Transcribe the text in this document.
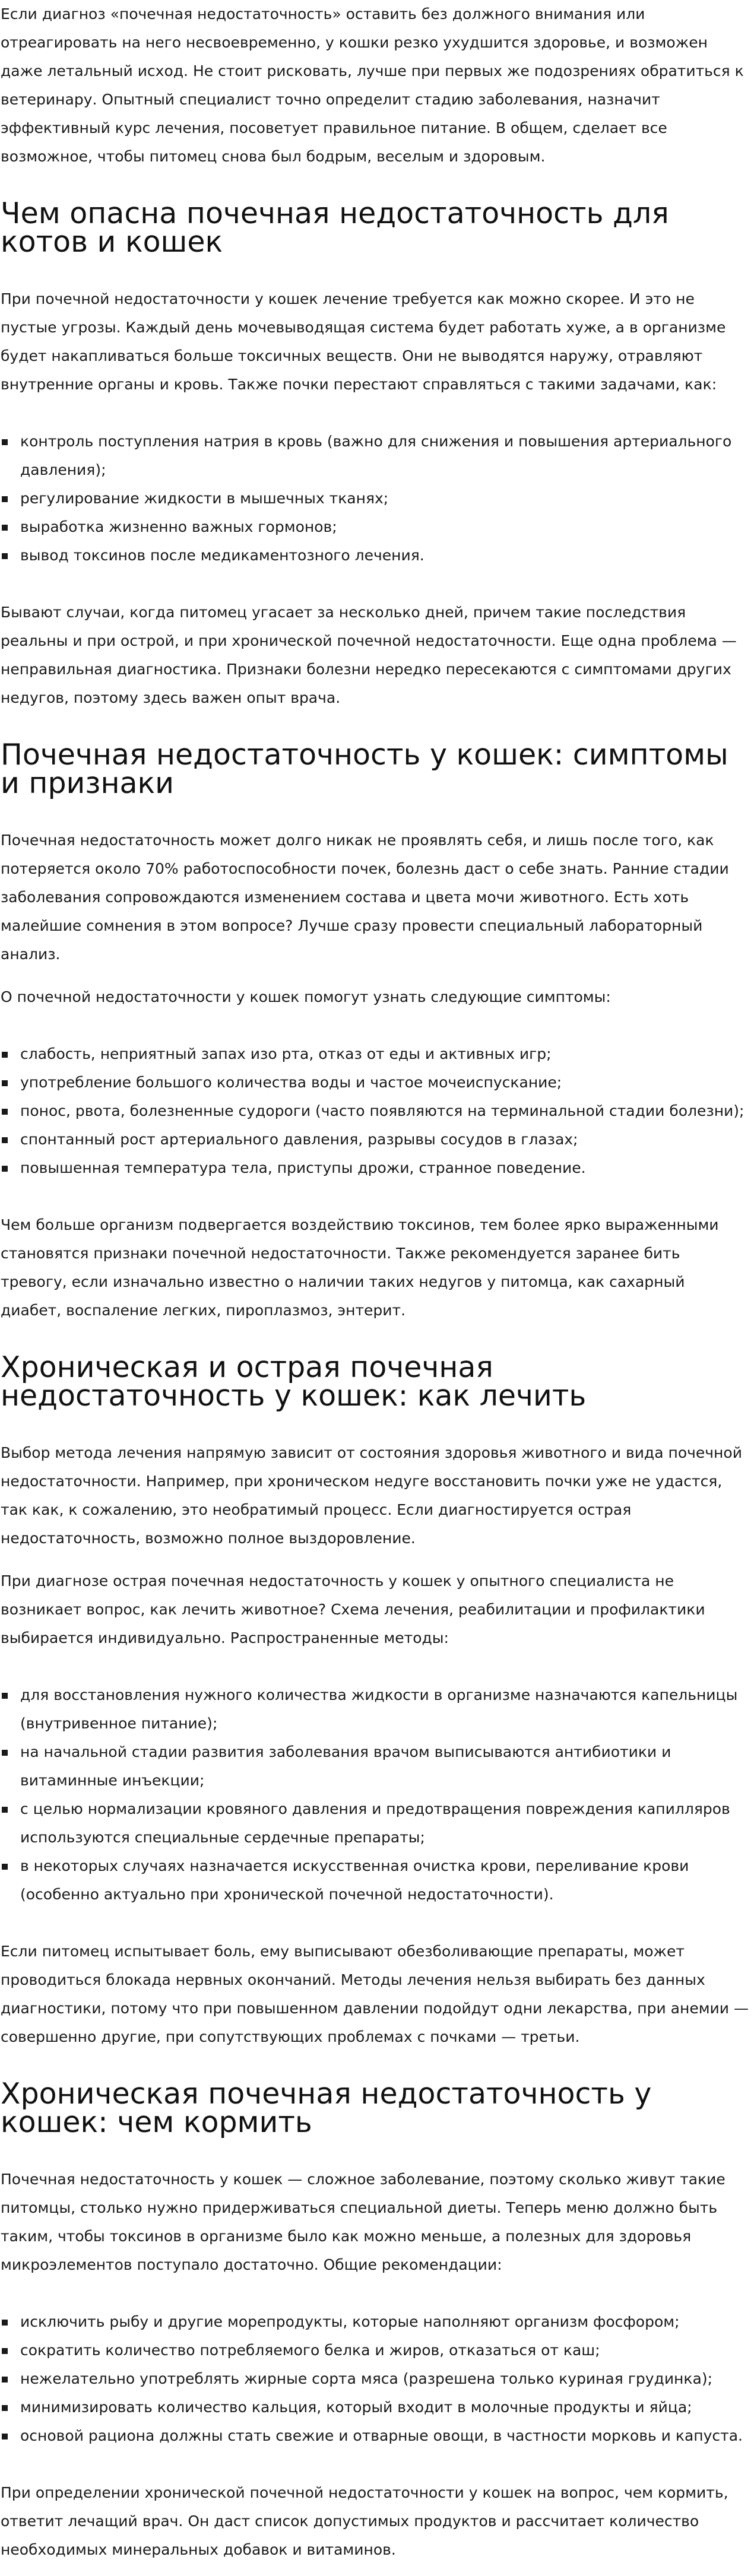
Если диагноз «почечная недостаточность» оставить без должного внимания или отреагировать на него несвоевременно, у кошки резко ухудшится здоровье, и возможен даже летальный исход. Не стоит рисковать, лучше при первых же подозрениях обратиться к ветеринару. Опытный специалист точно определит стадию заболевания, назначит эффективный курс лечения, посоветует правильное питание. В общем, сделает все возможное, чтобы питомец снова был бодрым, веселым и здоровым.

Чем опасна почечная недостаточность для котов и кошек

При почечной недостаточности у кошек лечение требуется как можно скорее. И это не пустые угрозы. Каждый день мочевыводящая система будет работать хуже, а в организме будет накапливаться больше токсичных веществ. Они не выводятся наружу, отравляют внутренние органы и кровь. Также почки перестают справляться с такими задачами, как:

контроль поступления натрия в кровь (важно для снижения и повышения артериального давления);
регулирование жидкости в мышечных тканях;
выработка жизненно важных гормонов;
вывод токсинов после медикаментозного лечения.

Бывают случаи, когда питомец угасает за несколько дней, причем такие последствия реальны и при острой, и при хронической почечной недостаточности. Еще одна проблема — неправильная диагностика. Признаки болезни нередко пересекаются с симптомами других недугов, поэтому здесь важен опыт врача.

Почечная недостаточность у кошек: симптомы и признаки

Почечная недостаточность может долго никак не проявлять себя, и лишь после того, как потеряется около 70% работоспособности почек, болезнь даст о себе знать. Ранние стадии заболевания сопровождаются изменением состава и цвета мочи животного. Есть хоть малейшие сомнения в этом вопросе? Лучше сразу провести специальный лабораторный анализ.

О почечной недостаточности у кошек помогут узнать следующие симптомы:

слабость, неприятный запах изо рта, отказ от еды и активных игр;
употребление большого количества воды и частое мочеиспускание;
понос, рвота, болезненные судороги (часто появляются на терминальной стадии болезни);
спонтанный рост артериального давления, разрывы сосудов в глазах;
повышенная температура тела, приступы дрожи, странное поведение.

Чем больше организм подвергается воздействию токсинов, тем более ярко выраженными становятся признаки почечной недостаточности. Также рекомендуется заранее бить тревогу, если изначально известно о наличии таких недугов у питомца, как сахарный диабет, воспаление легких, пироплазмоз, энтерит.

Хроническая и острая почечная недостаточность у кошек: как лечить

Выбор метода лечения напрямую зависит от состояния здоровья животного и вида почечной недостаточности. Например, при хроническом недуге восстановить почки уже не удастся, так как, к сожалению, это необратимый процесс. Если диагностируется острая недостаточность, возможно полное выздоровление.

При диагнозе острая почечная недостаточность у кошек у опытного специалиста не возникает вопрос, как лечить животное? Схема лечения, реабилитации и профилактики выбирается индивидуально. Распространенные методы:

для восстановления нужного количества жидкости в организме назначаются капельницы (внутривенное питание);
на начальной стадии развития заболевания врачом выписываются антибиотики и витаминные инъекции;
с целью нормализации кровяного давления и предотвращения повреждения капилляров используются специальные сердечные препараты;
в некоторых случаях назначается искусственная очистка крови, переливание крови (особенно актуально при хронической почечной недостаточности).

Если питомец испытывает боль, ему выписывают обезболивающие препараты, может проводиться блокада нервных окончаний. Методы лечения нельзя выбирать без данных диагностики, потому что при повышенном давлении подойдут одни лекарства, при анемии — совершенно другие, при сопутствующих проблемах с почками — третьи.

Хроническая почечная недостаточность у кошек: чем кормить

Почечная недостаточность у кошек — сложное заболевание, поэтому сколько живут такие питомцы, столько нужно придерживаться специальной диеты. Теперь меню должно быть таким, чтобы токсинов в организме было как можно меньше, а полезных для здоровья микроэлементов поступало достаточно. Общие рекомендации:

исключить рыбу и другие морепродукты, которые наполняют организм фосфором;
сократить количество потребляемого белка и жиров, отказаться от каш;
нежелательно употреблять жирные сорта мяса (разрешена только куриная грудинка);
минимизировать количество кальция, который входит в молочные продукты и яйца;
основой рациона должны стать свежие и отварные овощи, в частности морковь и капуста.

При определении хронической почечной недостаточности у кошек на вопрос, чем кормить, ответит лечащий врач. Он даст список допустимых продуктов и рассчитает количество необходимых минеральных добавок и витаминов.
